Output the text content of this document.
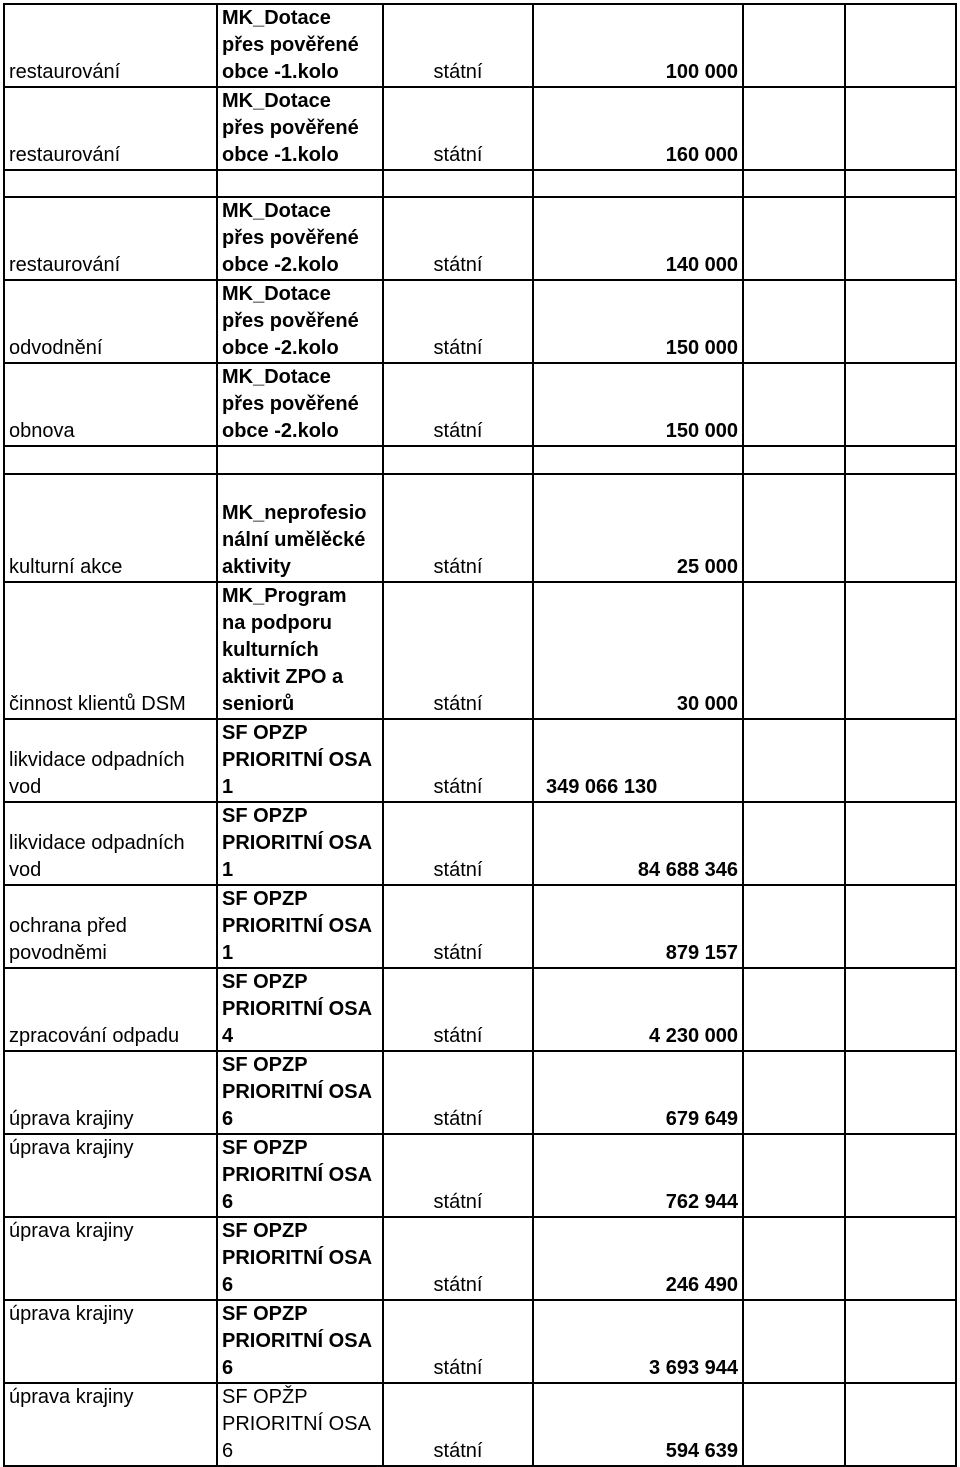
restaurování	MK_Dotace
přes pověřené
obce -1.kolo	státní	100 000		
restaurování	MK_Dotace
přes pověřené
obce -1.kolo	státní	160 000		

restaurování	MK_Dotace
přes pověřené
obce -2.kolo	státní	140 000		
odvodnění	MK_Dotace
přes pověřené
obce -2.kolo	státní	150 000		
obnova	MK_Dotace
přes pověřené
obce -2.kolo	státní	150 000		

kulturní akce	MK_neprofesio
nální umělěcké
aktivity	státní	25 000		
činnost klientů DSM	MK_Program
na podporu
kulturních
aktivit ZPO a
seniorů	státní	30 000		
likvidace odpadních vod	SF OPZP
PRIORITNÍ OSA
1	státní	349 066 130		
likvidace odpadních vod	SF OPZP
PRIORITNÍ OSA
1	státní	84 688 346		
ochrana před povodněmi	SF OPZP
PRIORITNÍ OSA
1	státní	879 157		
zpracování odpadu	SF OPZP
PRIORITNÍ OSA
4	státní	4 230 000		
úprava krajiny	SF OPZP
PRIORITNÍ OSA
6	státní	679 649		
úprava krajiny	SF OPZP
PRIORITNÍ OSA
6	státní	762 944		
úprava krajiny	SF OPZP
PRIORITNÍ OSA
6	státní	246 490		
úprava krajiny	SF OPZP
PRIORITNÍ OSA
6	státní	3 693 944		
úprava krajiny	SF OPŽP
PRIORITNÍ OSA
6	státní	594 639		
